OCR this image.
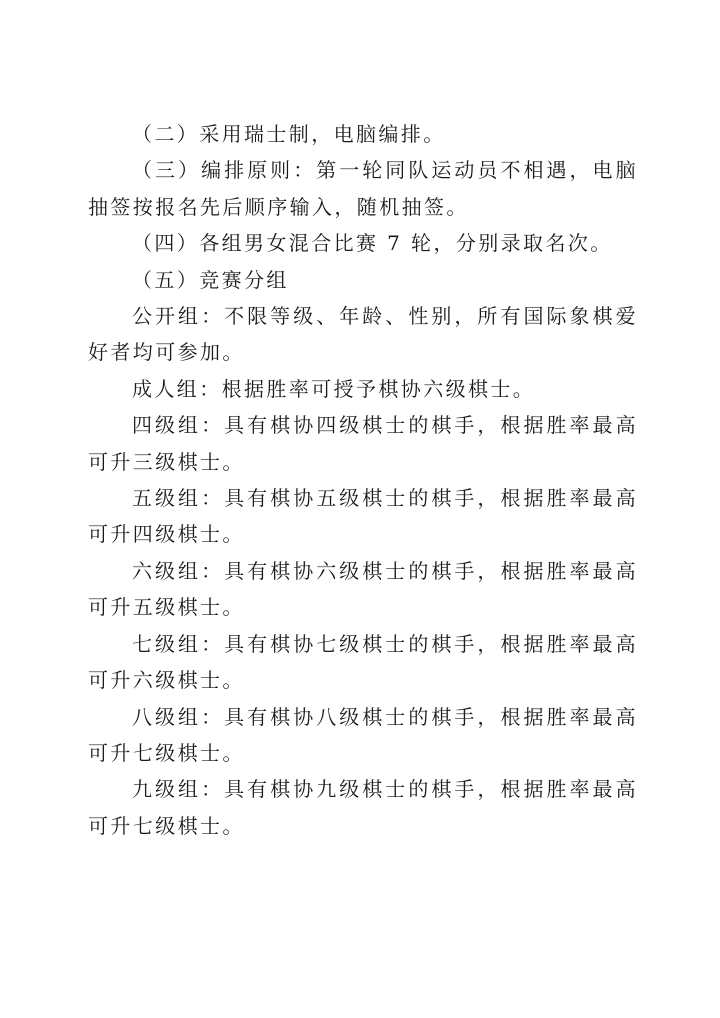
（二）采用瑞士制，电脑编排。

（三）编排原则：第一轮同队运动员不相遇，电脑抽签按报名先后顺序输入，随机抽签。

（四）各组男女混合比赛 7 轮，分别录取名次。

（五）竞赛分组

公开组：不限等级、年龄、性别，所有国际象棋爱好者均可参加。

成人组：根据胜率可授予棋协六级棋士。

四级组：具有棋协四级棋士的棋手，根据胜率最高可升三级棋士。

五级组：具有棋协五级棋士的棋手，根据胜率最高可升四级棋士。

六级组：具有棋协六级棋士的棋手，根据胜率最高可升五级棋士。

七级组：具有棋协七级棋士的棋手，根据胜率最高可升六级棋士。

八级组：具有棋协八级棋士的棋手，根据胜率最高可升七级棋士。

九级组：具有棋协九级棋士的棋手，根据胜率最高可升七级棋士。
